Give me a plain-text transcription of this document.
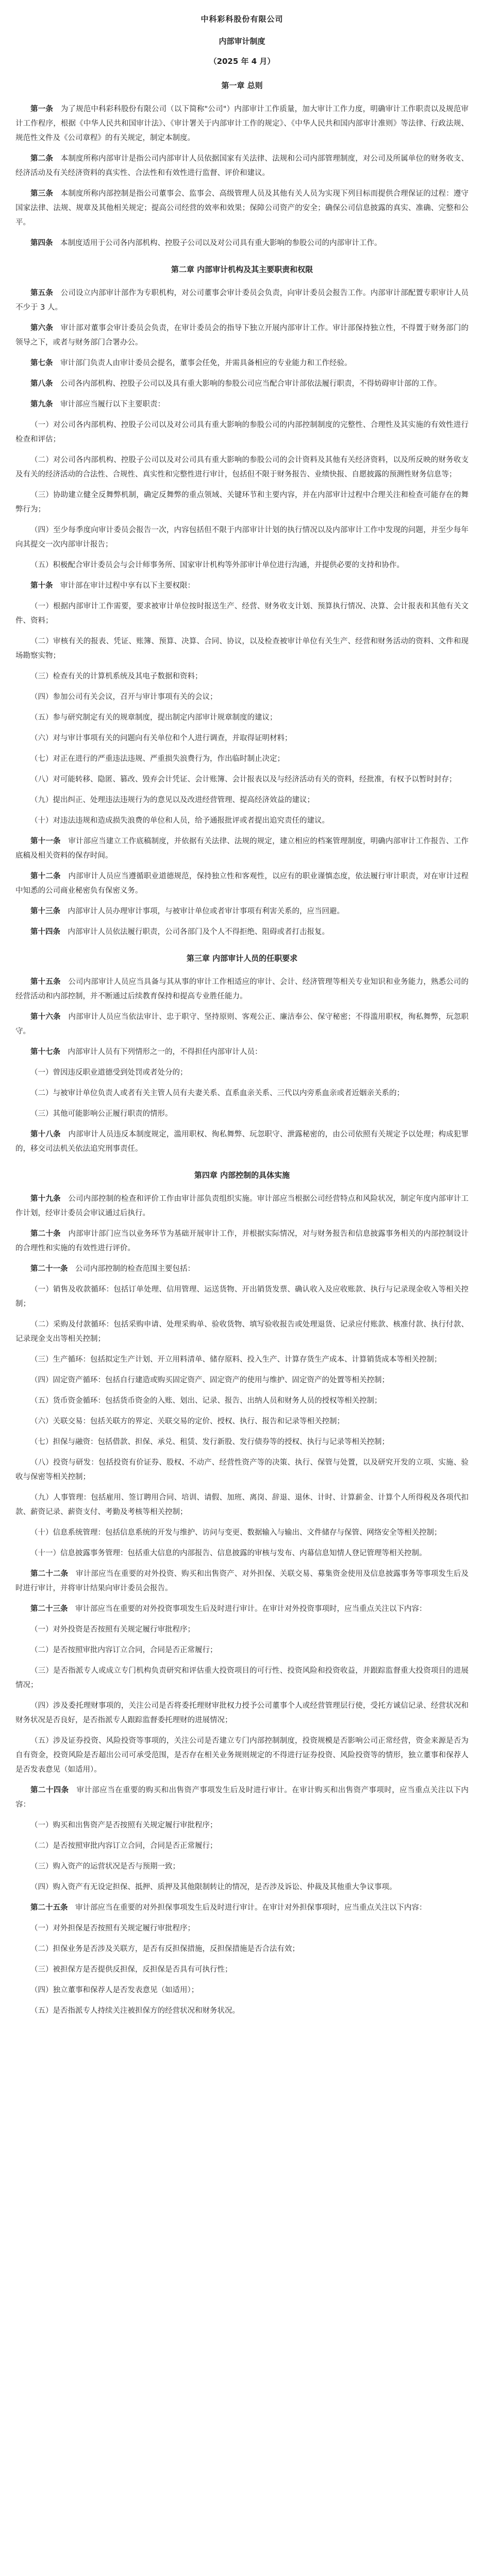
中科彩科股份有限公司
内部审计制度
（2025 年 4 月）
第一章 总则

第一条　 为了规范中科彩科股份有限公司（以下简称"公司"）内部审计工作质量，加大审计工作力度，明确审计工作职责以及规范审计工作程序，根据《中华人民共和国审计法》、《审计署关于内部审计工作的规定》、《中华人民共和国内部审计准则》等法律、行政法规、规范性文件及《公司章程》的有关规定，制定本制度。

第二条　 本制度所称内部审计是指公司内部审计人员依据国家有关法律、法规和公司内部管理制度，对公司及所属单位的财务收支、经济活动及有关经济资料的真实性、合法性和有效性进行监督、评价和建议。

第三条　 本制度所称内部控制是指公司董事会、监事会、高级管理人员及其他有关人员为实现下列目标而提供合理保证的过程：遵守国家法律、法规、规章及其他相关规定；提高公司经营的效率和效果；保障公司资产的安全；确保公司信息披露的真实、准确、完整和公平。

第四条　 本制度适用于公司各内部机构、控股子公司以及对公司具有重大影响的参股公司的内部审计工作。

第二章 内部审计机构及其主要职责和权限

第五条　 公司设立内部审计部作为专职机构，对公司董事会审计委员会负责，向审计委员会报告工作。内部审计部配置专职审计人员不少于 3 人。

第六条　 审计部对董事会审计委员会负责，在审计委员会的指导下独立开展内部审计工作。审计部保持独立性，不得置于财务部门的领导之下，或者与财务部门合署办公。

第七条　 审计部门负责人由审计委员会提名，董事会任免，并需具备相应的专业能力和工作经验。

第八条　 公司各内部机构、控股子公司以及具有重大影响的参股公司应当配合审计部依法履行职责，不得妨碍审计部的工作。

第九条　 审计部应当履行以下主要职责：

（一）对公司各内部机构、控股子公司以及对公司具有重大影响的参股公司的内部控制制度的完整性、合理性及其实施的有效性进行检查和评估；

（二）对公司各内部机构、控股子公司以及对公司具有重大影响的参股公司的会计资料及其他有关经济资料，以及所反映的财务收支及有关的经济活动的合法性、合规性、真实性和完整性进行审计，包括但不限于财务报告、业绩快报、自愿披露的预测性财务信息等；

（三）协助建立健全反舞弊机制，确定反舞弊的重点领域、关键环节和主要内容，并在内部审计过程中合理关注和检查可能存在的舞弊行为；

（四）至少每季度向审计委员会报告一次，内容包括但不限于内部审计计划的执行情况以及内部审计工作中发现的问题，并至少每年向其提交一次内部审计报告；

（五）积极配合审计委员会与会计师事务所、国家审计机构等外部审计单位进行沟通，并提供必要的支持和协作。

第十条　 审计部在审计过程中享有以下主要权限：

（一）根据内部审计工作需要，要求被审计单位按时报送生产、经营、财务收支计划、预算执行情况、决算、会计报表和其他有关文件、资料；

（二）审核有关的报表、凭证、账簿、预算、决算、合同、协议，以及检查被审计单位有关生产、经营和财务活动的资料、文件和现场勘察实物；

（三）检查有关的计算机系统及其电子数据和资料；

（四）参加公司有关会议，召开与审计事项有关的会议；

（五）参与研究制定有关的规章制度，提出制定内部审计规章制度的建议；

（六）对与审计事项有关的问题向有关单位和个人进行调查，并取得证明材料；

（七）对正在进行的严重违法违规、严重损失浪费行为，作出临时制止决定；

（八）对可能转移、隐匿、篡改、毁弃会计凭证、会计账簿、会计报表以及与经济活动有关的资料，经批准，有权予以暂时封存；

（九）提出纠正、处理违法违规行为的意见以及改进经营管理、提高经济效益的建议；

（十）对违法违规和造成损失浪费的单位和人员，给予通报批评或者提出追究责任的建议。

第十一条　 审计部应当建立工作底稿制度，并依据有关法律、法规的规定，建立相应的档案管理制度，明确内部审计工作报告、工作底稿及相关资料的保存时间。

第十二条　 内部审计人员应当遵循职业道德规范，保持独立性和客观性，以应有的职业谨慎态度，依法履行审计职责，对在审计过程中知悉的公司商业秘密负有保密义务。

第十三条　 内部审计人员办理审计事项，与被审计单位或者审计事项有利害关系的，应当回避。

第十四条　 内部审计人员依法履行职责，公司各部门及个人不得拒绝、阻碍或者打击报复。

第三章 内部审计人员的任职要求

第十五条　 公司内部审计人员应当具备与其从事的审计工作相适应的审计、会计、经济管理等相关专业知识和业务能力，熟悉公司的经营活动和内部控制，并不断通过后续教育保持和提高专业胜任能力。

第十六条　 内部审计人员应当依法审计、忠于职守、坚持原则、客观公正、廉洁奉公、保守秘密；不得滥用职权，徇私舞弊，玩忽职守。

第十七条　 内部审计人员有下列情形之一的，不得担任内部审计人员：

（一）曾因违反职业道德受到处罚或者处分的；

（二）与被审计单位负责人或者有关主管人员有夫妻关系、直系血亲关系、三代以内旁系血亲或者近姻亲关系的；

（三）其他可能影响公正履行职责的情形。

第十八条　 内部审计人员违反本制度规定，滥用职权、徇私舞弊、玩忽职守、泄露秘密的，由公司依照有关规定予以处理；构成犯罪的，移交司法机关依法追究刑事责任。

第四章 内部控制的具体实施

第十九条　 公司内部控制的检查和评价工作由审计部负责组织实施。审计部应当根据公司经营特点和风险状况，制定年度内部审计工作计划，经审计委员会审议通过后执行。

第二十条　 内部审计部门应当以业务环节为基础开展审计工作，并根据实际情况，对与财务报告和信息披露事务相关的内部控制设计的合理性和实施的有效性进行评价。

第二十一条　 公司内部控制的检查范围主要包括：

（一）销售及收款循环：包括订单处理、信用管理、运送货物、开出销货发票、确认收入及应收账款、执行与记录现金收入等相关控制；

（二）采购及付款循环：包括采购申请、处理采购单、验收货物、填写验收报告或处理退货、记录应付账款、核准付款、执行付款、记录现金支出等相关控制；

（三）生产循环：包括拟定生产计划、开立用料清单、储存原料、投入生产、计算存货生产成本、计算销货成本等相关控制；

（四）固定资产循环：包括自行建造或购买固定资产、固定资产的使用与维护、固定资产的处置等相关控制；

（五）货币资金循环：包括货币资金的入账、划出、记录、报告、出纳人员和财务人员的授权等相关控制；

（六）关联交易：包括关联方的界定、关联交易的定价、授权、执行、报告和记录等相关控制；

（七）担保与融资：包括借款、担保、承兑、租赁、发行新股、发行债券等的授权、执行与记录等相关控制；

（八）投资与研发：包括投资有价证券、股权、不动产、经营性资产等的决策、执行、保管与处置，以及研究开发的立项、实施、验收与保密等相关控制；

（九）人事管理：包括雇用、签订聘用合同、培训、请假、加班、离岗、辞退、退休、计时、计算薪金、计算个人所得税及各项代扣款、薪资记录、薪资支付、考勤及考核等相关控制；

（十）信息系统管理：包括信息系统的开发与维护、访问与变更、数据输入与输出、文件储存与保管、网络安全等相关控制；

（十一）信息披露事务管理：包括重大信息的内部报告、信息披露的审核与发布、内幕信息知情人登记管理等相关控制。

第二十二条　 审计部应当在重要的对外投资、购买和出售资产、对外担保、关联交易、募集资金使用及信息披露事务等事项发生后及时进行审计，并将审计结果向审计委员会报告。

第二十三条　 审计部应当在重要的对外投资事项发生后及时进行审计。在审计对外投资事项时，应当重点关注以下内容：

（一）对外投资是否按照有关规定履行审批程序；

（二）是否按照审批内容订立合同，合同是否正常履行；

（三）是否指派专人或成立专门机构负责研究和评估重大投资项目的可行性、投资风险和投资收益，并跟踪监督重大投资项目的进展情况；

（四）涉及委托理财事项的，关注公司是否将委托理财审批权力授予公司董事个人或经营管理层行使，受托方诚信记录、经营状况和财务状况是否良好，是否指派专人跟踪监督委托理财的进展情况；

（五）涉及证券投资、风险投资等事项的，关注公司是否建立专门内部控制制度，投资规模是否影响公司正常经营，资金来源是否为自有资金，投资风险是否超出公司可承受范围，是否存在相关业务规则规定的不得进行证券投资、风险投资等的情形，独立董事和保荐人是否发表意见（如适用）。

第二十四条　 审计部应当在重要的购买和出售资产事项发生后及时进行审计。在审计购买和出售资产事项时，应当重点关注以下内容：

（一）购买和出售资产是否按照有关规定履行审批程序；

（二）是否按照审批内容订立合同，合同是否正常履行；

（三）购入资产的运营状况是否与预期一致；

（四）购入资产有无设定担保、抵押、质押及其他限制转让的情况，是否涉及诉讼、仲裁及其他重大争议事项。

第二十五条　 审计部应当在重要的对外担保事项发生后及时进行审计。在审计对外担保事项时，应当重点关注以下内容：

（一）对外担保是否按照有关规定履行审批程序；

（二）担保业务是否涉及关联方，是否有反担保措施，反担保措施是否合法有效；

（三）被担保方是否提供反担保，反担保是否具有可执行性；

（四）独立董事和保荐人是否发表意见（如适用）；

（五）是否指派专人持续关注被担保方的经营状况和财务状况。
